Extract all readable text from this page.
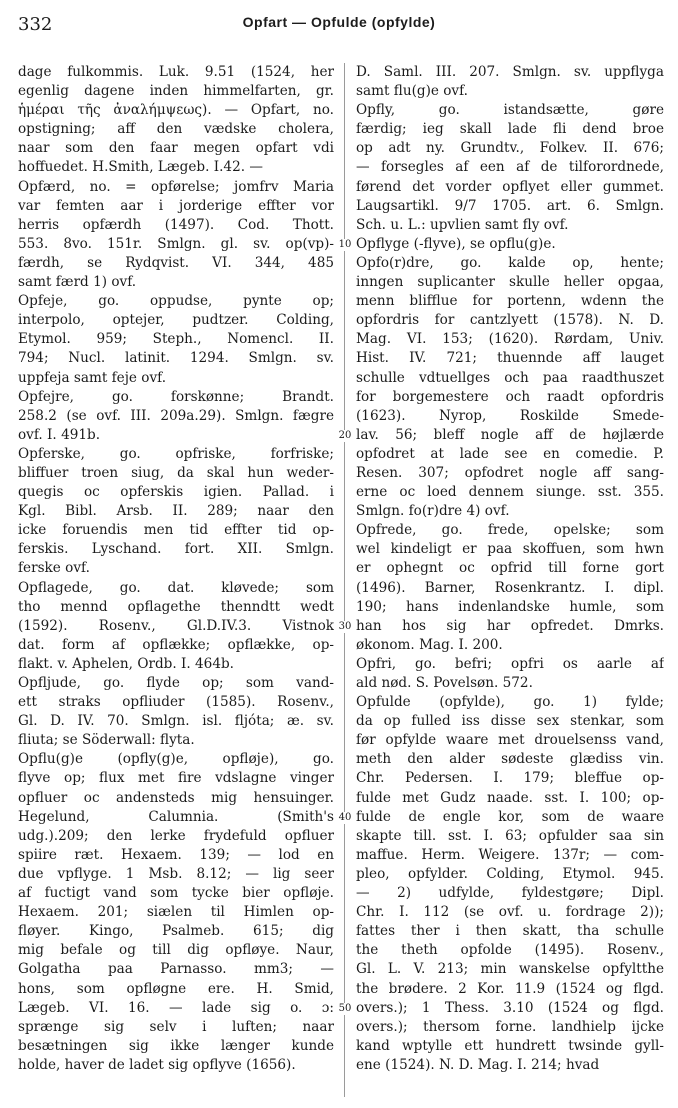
332	Opfart — Opfulde (opfylde)
dage fulkommis. Luk. 9.51 (1524, her
egenlig dagene inden himmelfarten, gr.
ἡμέραι τῆς ἀναλήμψεως). — Opfart, no.
opstigning; aff den vædske cholera,
naar som den faar megen opfart vdi
hoffuedet. H.Smith, Lægeb. I.42. —
Opfærd, no. = opførelse; jomfrv Maria
var femten aar i jorderige effter vor
herris opfærdh (1497). Cod. Thott.
553. 8vo. 151r. Smlgn. gl. sv. op(vp)-
færdh, se Rydqvist. VI. 344, 485
samt færd 1) ovf.
Opfeje, go. oppudse, pynte op;
interpolo, optejer, pudtzer. Colding,
Etymol. 959; Steph., Nomencl. II.
794; Nucl. latinit. 1294. Smlgn. sv.
uppfeja samt feje ovf.
Opfejre, go. forskønne; Brandt.
258.2 (se ovf. III. 209a.29). Smlgn. fægre
ovf. I. 491b.
Opferske, go. opfriske, forfriske;
bliffuer troen siug, da skal hun weder-
quegis oc opferskis igien. Pallad. i
Kgl. Bibl. Arsb. II. 289; naar den
icke foruendis men tid effter tid op-
ferskis. Lyschand. fort. XII. Smlgn.
ferske ovf.
Opflagede, go. dat. kløvede; som
tho mennd opflagethe thenndtt wedt
(1592). Rosenv., Gl.D.IV.3. Vistnok
dat. form af opflække; opflække, op-
flakt. v. Aphelen, Ordb. I. 464b.
Opfljude, go. flyde op; som vand-
ett straks opfliuder (1585). Rosenv.,
Gl. D. IV. 70. Smlgn. isl. fljóta; æ. sv.
fliuta; se Söderwall: flyta.
Opflu(g)e (opfly(g)e, opfløje), go.
flyve op; flux met fire vdslagne vinger
opfluer oc andensteds mig hensuinger.
Hegelund, Calumnia. (Smith's
udg.).209; den lerke frydefuld opfluer
spiire ræt. Hexaem. 139; — lod en
due vpflyge. 1 Msb. 8.12; — lig seer
af fuctigt vand som tycke bier opfløje.
Hexaem. 201; siælen til Himlen op-
fløyer. Kingo, Psalmeb. 615; dig
mig befale og till dig opfløye. Naur,
Golgatha paa Parnasso. mm3; —
hons, som opfløgne ere. H. Smid,
Lægeb. VI. 16. — lade sig o. ɔ:
sprænge sig selv i luften; naar
besætningen sig ikke længer kunde
holde, haver de ladet sig opflyve (1656).
D. Saml. III. 207. Smlgn. sv. uppflyga
samt flu(g)e ovf.
Opfly, go. istandsætte, gøre
færdig; ieg skall lade fli dend broe
op adt ny. Grundtv., Folkev. II. 676;
— forsegles af een af de tilforordnede,
førend det vorder opflyet eller gummet.
Laugsartikl. 9/7 1705. art. 6. Smlgn.
Sch. u. L.: upvlien samt fly ovf.
Opflyge (-flyve), se opflu(g)e.
Opfo(r)dre, go. kalde op, hente;
inngen suplicanter skulle heller opgaa,
menn blifflue for portenn, wdenn the
opfordris for cantzlyett (1578). N. D.
Mag. VI. 153; (1620). Rørdam, Univ.
Hist. IV. 721; thuennde aff lauget
schulle vdtuellges och paa raadthuszet
for borgemestere och raadt opfordris
(1623). Nyrop, Roskilde Smede-
lav. 56; bleff nogle aff de højlærde
opfodret at lade see en comedie. P.
Resen. 307; opfodret nogle aff sang-
erne oc loed dennem siunge. sst. 355.
Smlgn. fo(r)dre 4) ovf.
Opfrede, go. frede, opelske; som
wel kindeligt er paa skoffuen, som hwn
er ophegnt oc opfrid till forne gort
(1496). Barner, Rosenkrantz. I. dipl.
190; hans indenlandske humle, som
han hos sig har opfredet. Dmrks.
økonom. Mag. I. 200.
Opfri, go. befri; opfri os aarle af
ald nød. S. Povelsøn. 572.
Opfulde (opfylde), go. 1) fylde;
da op fulled iss disse sex stenkar, som
før opfylde waare met drouelsenss vand,
meth den alder sødeste glædiss vin.
Chr. Pedersen. I. 179; bleffue op-
fulde met Gudz naade. sst. I. 100; op-
fulde de engle kor, som de waare
skapte till. sst. I. 63; opfulder saa sin
maffue. Herm. Weigere. 137r; — com-
pleo, opfylder. Colding, Etymol. 945.
— 2) udfylde, fyldestgøre; Dipl.
Chr. I. 112 (se ovf. u. fordrage 2));
fattes ther i then skatt, tha schulle
the theth opfolde (1495). Rosenv.,
Gl. L. V. 213; min wanskelse opfyltthe
the brødere. 2 Kor. 11.9 (1524 og flgd.
overs.); 1 Thess. 3.10 (1524 og flgd.
overs.); thersom forne. landhielp ijcke
kand wptylle ett hundrett twsinde gyll-
ene (1524). N. D. Mag. I. 214; hvad
10
20
30
40
50
